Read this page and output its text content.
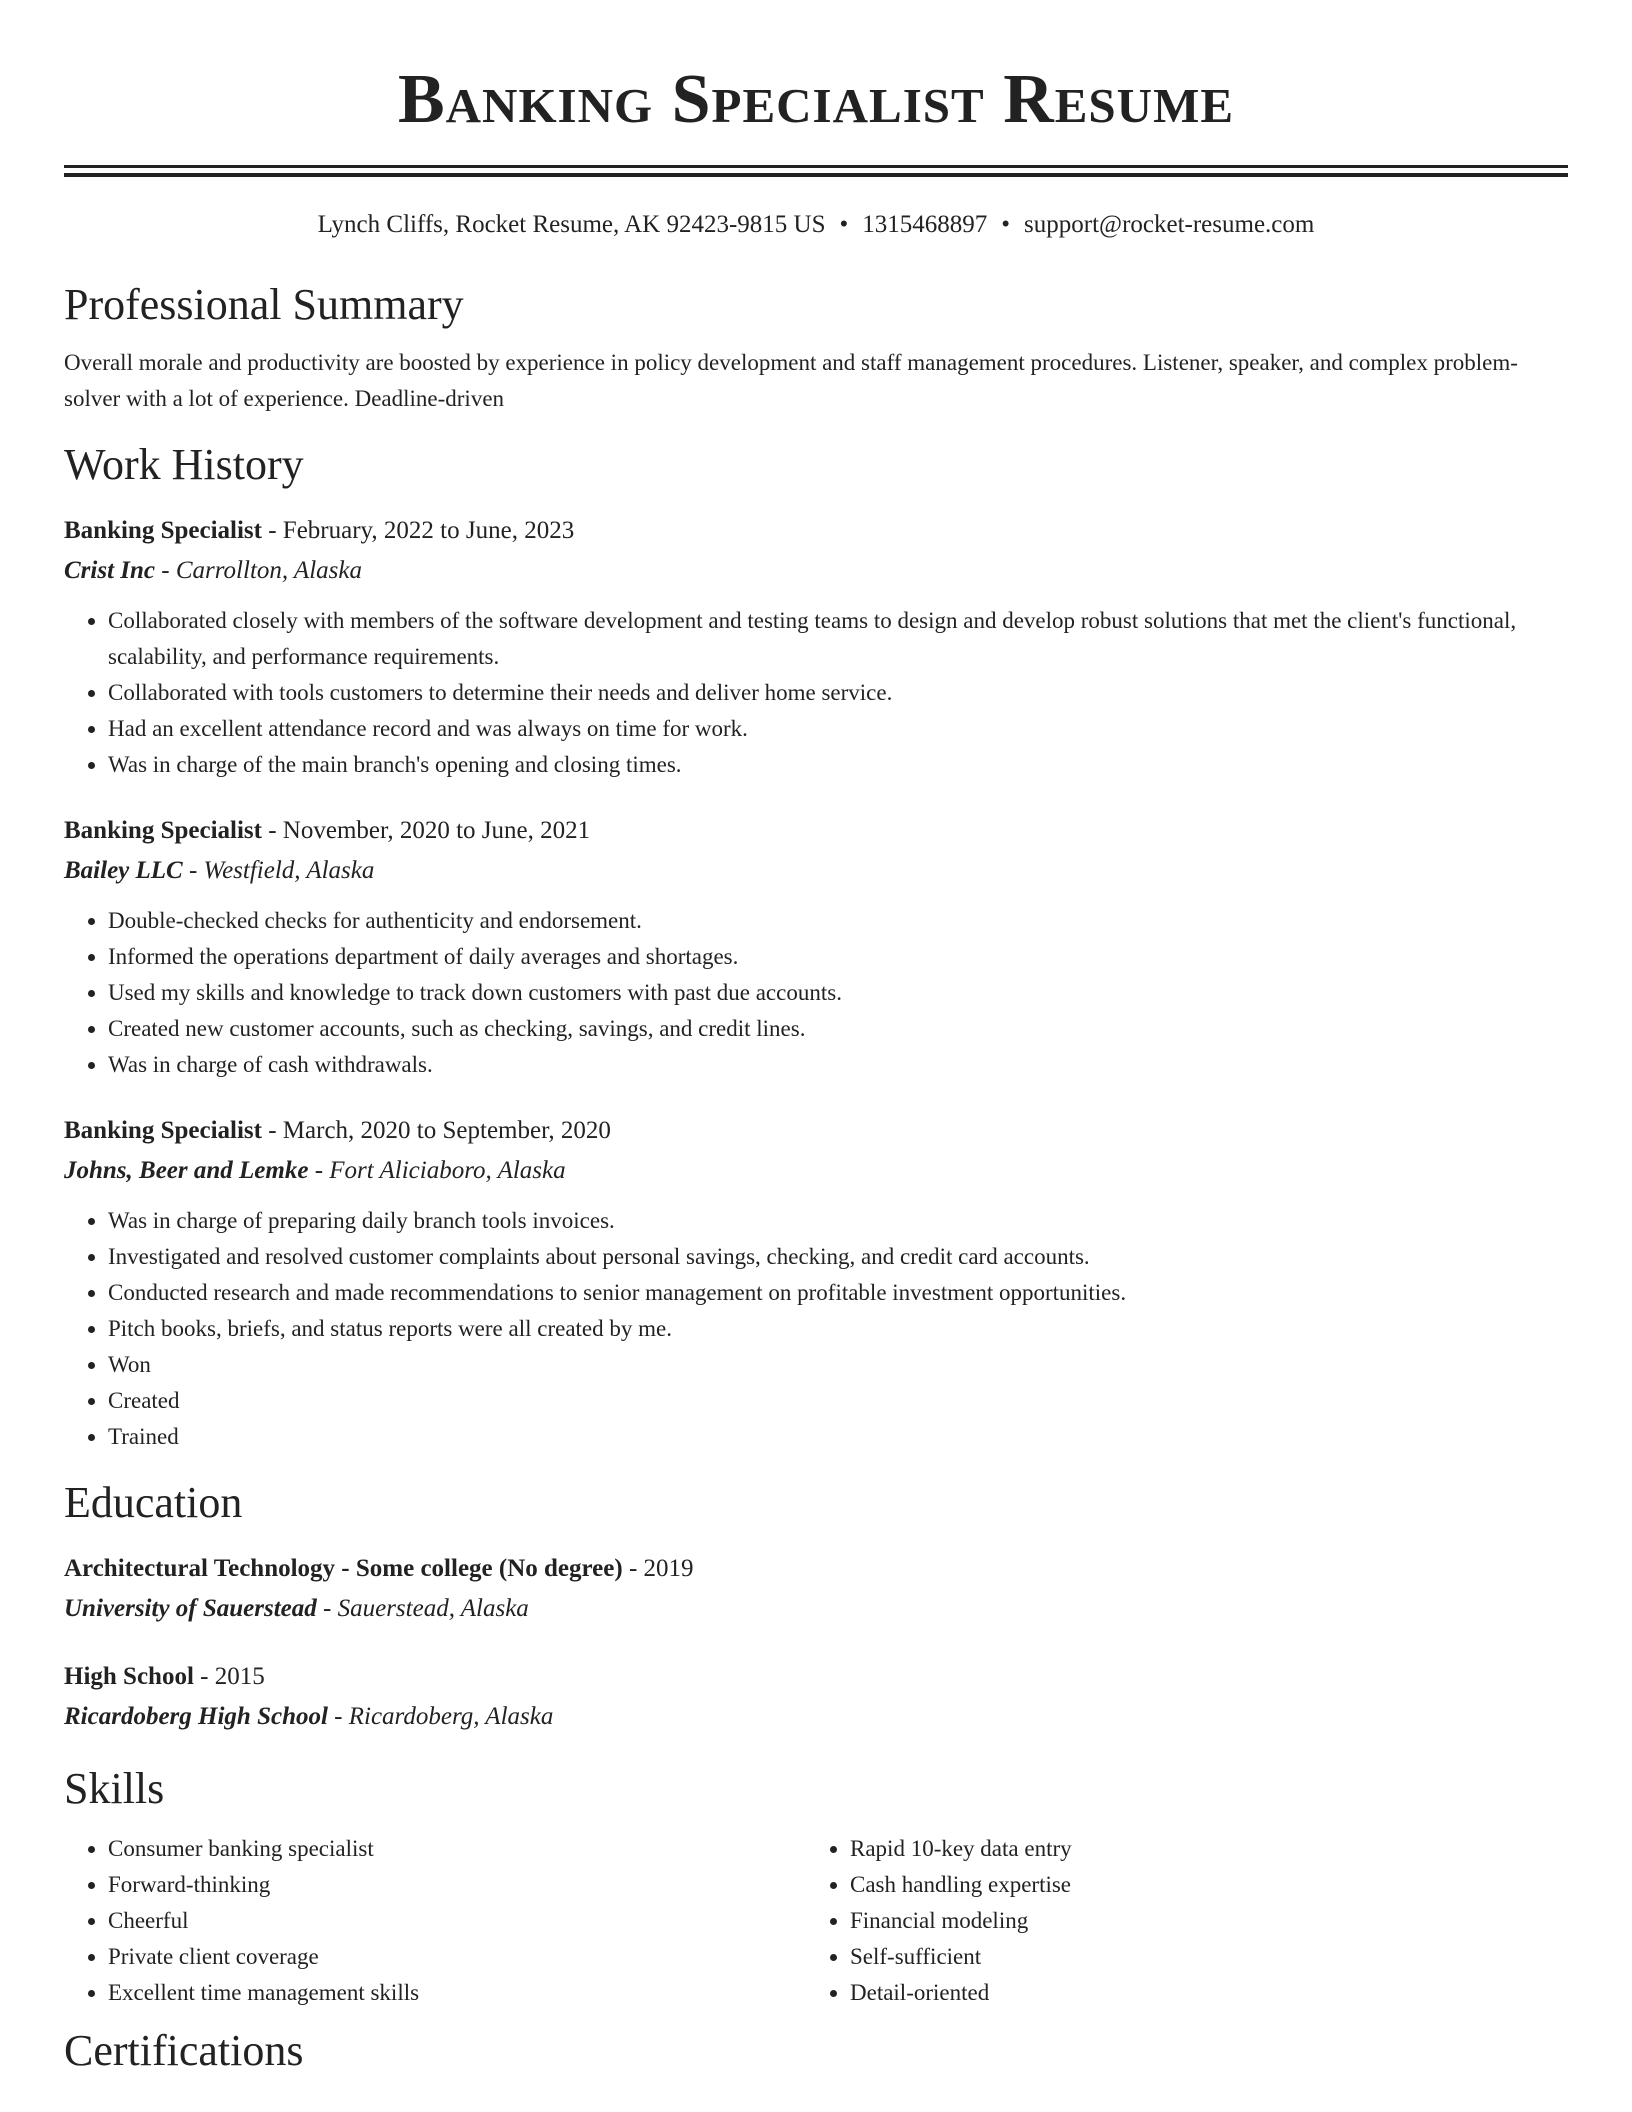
Banking Specialist Resume
Lynch Cliffs, Rocket Resume, AK 92423-9815 US • 1315468897 • support@rocket-resume.com
Professional Summary
Overall morale and productivity are boosted by experience in policy development and staff management procedures. Listener, speaker, and complex problem-solver with a lot of experience. Deadline-driven
Work History
Banking Specialist - February, 2022 to June, 2023
Crist Inc - Carrollton, Alaska
• Collaborated closely with members of the software development and testing teams to design and develop robust solutions that met the client's functional, scalability, and performance requirements.
• Collaborated with tools customers to determine their needs and deliver home service.
• Had an excellent attendance record and was always on time for work.
• Was in charge of the main branch's opening and closing times.
Banking Specialist - November, 2020 to June, 2021
Bailey LLC - Westfield, Alaska
• Double-checked checks for authenticity and endorsement.
• Informed the operations department of daily averages and shortages.
• Used my skills and knowledge to track down customers with past due accounts.
• Created new customer accounts, such as checking, savings, and credit lines.
• Was in charge of cash withdrawals.
Banking Specialist - March, 2020 to September, 2020
Johns, Beer and Lemke - Fort Aliciaboro, Alaska
• Was in charge of preparing daily branch tools invoices.
• Investigated and resolved customer complaints about personal savings, checking, and credit card accounts.
• Conducted research and made recommendations to senior management on profitable investment opportunities.
• Pitch books, briefs, and status reports were all created by me.
• Won
• Created
• Trained
Education
Architectural Technology - Some college (No degree) - 2019
University of Sauerstead - Sauerstead, Alaska
High School - 2015
Ricardoberg High School - Ricardoberg, Alaska
Skills
• Consumer banking specialist
• Forward-thinking
• Cheerful
• Private client coverage
• Excellent time management skills
• Rapid 10-key data entry
• Cash handling expertise
• Financial modeling
• Self-sufficient
• Detail-oriented
Certifications
